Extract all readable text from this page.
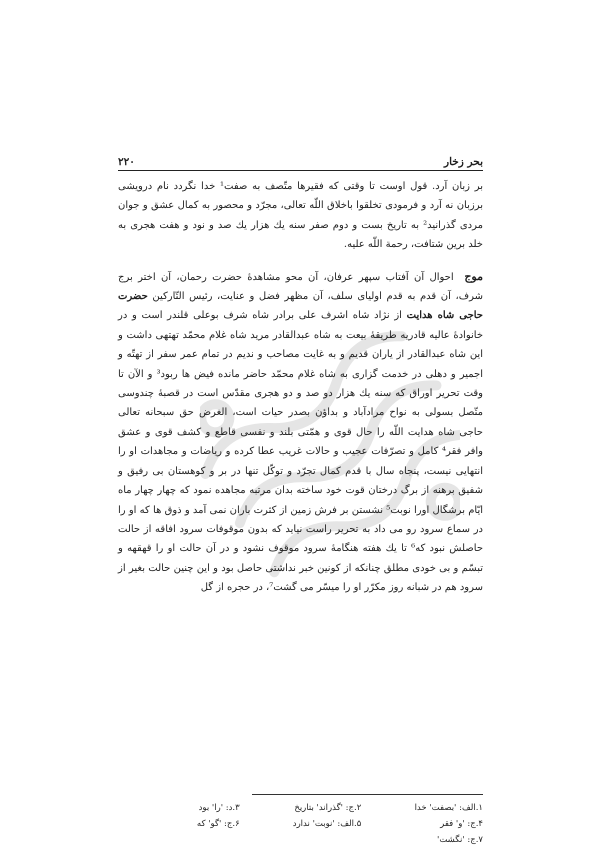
بحر زخار
۲۲۰

بر زبان آرد. قول اوست تا وقتی که فقیرها متّصف به صفت¹ خدا نگردد نام درویشی برزبان نه آرد و فرمودی تخلقوا باخلاق اللّه تعالی، مجرّد و محصور به کمال عشق و جوان مردی گذرانید² به تاریخ بست و دوم صفر سنه یك هزار یك صد و نود و هفت هجری به خلد برین شتافت، رحمة اللّه علیه.

موج  احوال آن آفتاب سپهر عرفان، آن محو مشاهدهٔ حضرت رحمان، آن اختر برج شرف، آن قدم به قدم اولیای سلف، آن مظهر فضل و عنایت، رئیس التّارکین حضرت حاجی شاه هدایت از نژاد شاه اشرف علی برادر شاه شرف بوعلی قلندر است و در خانوادهٔ عالیه قادریه طریقهٔ بیعت به شاه عبدالقادر مرید شاه غلام محمّد تهتهی داشت و این شاه عبدالقادر از یاران قدیم و به غایت مصاحب و ندیم در تمام عمر سفر از تهتّه و اجمیر و دهلی در خدمت گزاری به شاه غلام محمّد حاضر مانده فیض ها ربود³ و الآن تا وقت تحریر اوراق که سنه یك هزار دو صد و دو هجری مقدّس است در قصبهٔ چندوسی متّصل بسولی به نواح مرادآباد و بداؤن بصدر حیات است، الغرض حق سبحانه تعالی حاجی شاه هدایت اللّه را حال قوی و همّتی بلند و نفسی قاطع و کشف قوی و عشق وافر فقر⁴ کامل و تصرّفات عجیب و حالات غریب عطا کرده و ریاضات و مجاهدات او را انتهایی نیست، پنجاه سال با قدم کمال تجرّد و توکّل تنها در بر و کوهستان بی رفیق و شفیق برهنه از برگ درختان قوت خود ساخته بدان مرتبه مجاهده نمود که چهار چهار ماه ایّام برشگال اورا نوبت⁵ نشستن بر فرش زمین از کثرت باران نمی آمد و ذوق ها که او را در سماع سرود رو می داد به تحریر راست نیاید که بدون موقوفات سرود افاقه از حالت حاصلش نبود که⁶ تا یك هفته هنگامهٔ سرود موقوف نشود و در آن حالت او را قهقهه و تبسّم و بی خودی مطلق چنانکه از کونین خبر نداشتی حاصل بود و این چنین حالت بغیر از سرود هم در شبانه روز مکرّر او را میسّر می گشت⁷، در حجره از گل

۱.الف: 'بصفت' خدا
۲.ج: 'گذراند' بتاریخ
۳.د: 'را' بود
۴.ج: 'و' فقر
۵.الف: 'نوبت' ندارد
۶.ج: 'گو' که
۷.ج: 'نگشت'
